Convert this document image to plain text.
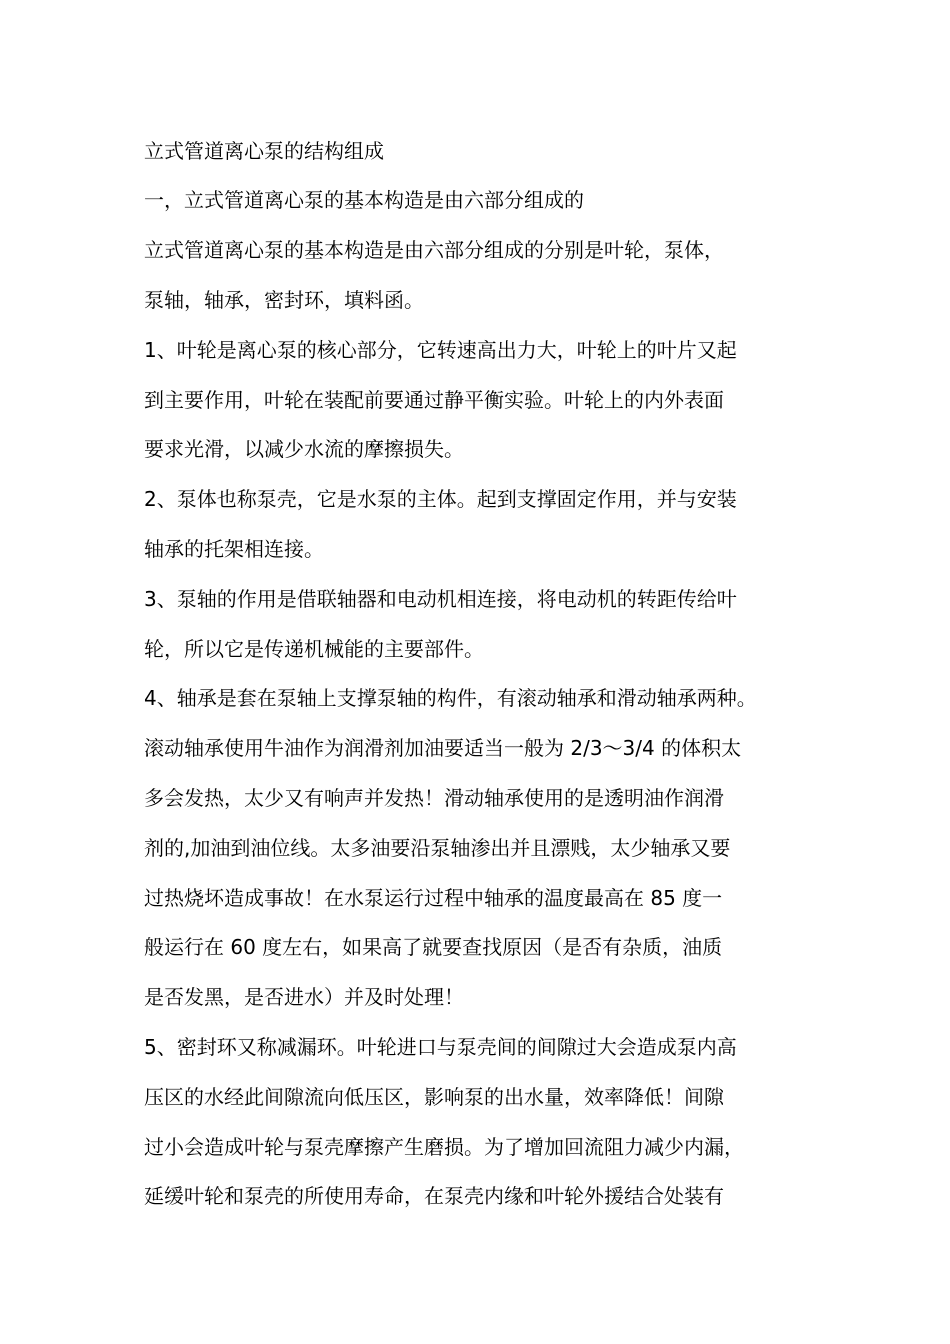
立式管道离心泵的结构组成
一，立式管道离心泵的基本构造是由六部分组成的
立式管道离心泵的基本构造是由六部分组成的分别是叶轮，泵体，
泵轴，轴承，密封环，填料函。
1、叶轮是离心泵的核心部分，它转速高出力大，叶轮上的叶片又起
到主要作用，叶轮在装配前要通过静平衡实验。叶轮上的内外表面
要求光滑，以减少水流的摩擦损失。
2、泵体也称泵壳，它是水泵的主体。起到支撑固定作用，并与安装
轴承的托架相连接。
3、泵轴的作用是借联轴器和电动机相连接，将电动机的转距传给叶
轮，所以它是传递机械能的主要部件。
4、轴承是套在泵轴上支撑泵轴的构件，有滚动轴承和滑动轴承两种。
滚动轴承使用牛油作为润滑剂加油要适当一般为 2/3～3/4 的体积太
多会发热，太少又有响声并发热！滑动轴承使用的是透明油作润滑
剂的,加油到油位线。太多油要沿泵轴渗出并且漂贱，太少轴承又要
过热烧坏造成事故！在水泵运行过程中轴承的温度最高在 85 度一
般运行在 60 度左右，如果高了就要查找原因（是否有杂质，油质
是否发黑，是否进水）并及时处理！
5、密封环又称减漏环。叶轮进口与泵壳间的间隙过大会造成泵内高
压区的水经此间隙流向低压区，影响泵的出水量，效率降低！间隙
过小会造成叶轮与泵壳摩擦产生磨损。为了增加回流阻力减少内漏，
延缓叶轮和泵壳的所使用寿命，在泵壳内缘和叶轮外援结合处装有
